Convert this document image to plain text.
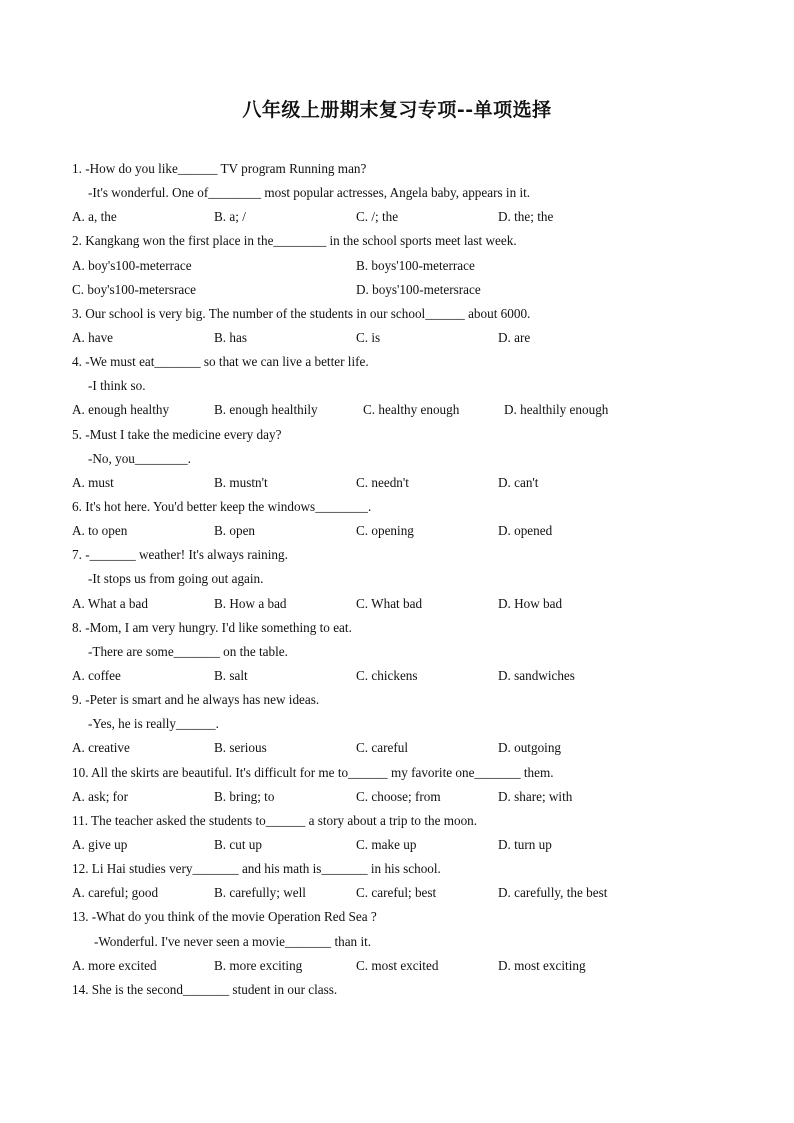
八年级上册期末复习专项--单项选择
1. -How do you like______ TV program Running man?
-It's wonderful. One of________ most popular actresses, Angela baby, appears in it.
A. a, the	B. a; /	C. /; the	D. the; the
2. Kangkang won the first place in the________ in the school sports meet last week.
A. boy's100-meterrace	B. boys'100-meterrace
C. boy's100-metersrace	D. boys'100-metersrace
3. Our school is very big. The number of the students in our school______ about 6000.
A. have	B. has	C. is	D. are
4. -We must eat_______ so that we can live a better life.
-I think so.
A. enough healthy	B. enough healthily	C. healthy enough	D. healthily enough
5. -Must I take the medicine every day?
-No, you________.
A. must	B. mustn't	C. needn't	D. can't
6. It's hot here. You'd better keep the windows________.
A. to open	B. open	C. opening	D. opened
7. -_______ weather! It's always raining.
-It stops us from going out again.
A. What a bad	B. How a bad	C. What bad	D. How bad
8. -Mom, I am very hungry. I'd like something to eat.
-There are some_______ on the table.
A. coffee	B. salt	C. chickens	D. sandwiches
9. -Peter is smart and he always has new ideas.
-Yes, he is really______.
A. creative	B. serious	C. careful	D. outgoing
10. All the skirts are beautiful. It's difficult for me to______ my favorite one_______ them.
A. ask; for	B. bring; to	C. choose; from	D. share; with
11. The teacher asked the students to______ a story about a trip to the moon.
A. give up	B. cut up	C. make up	D. turn up
12. Li Hai studies very_______ and his math is_______ in his school.
A. careful; good	B. carefully; well	C. careful; best	D. carefully, the best
13. -What do you think of the movie Operation Red Sea ?
-Wonderful. I've never seen a movie_______ than it.
A. more excited	B. more exciting	C. most excited	D. most exciting
14. She is the second_______ student in our class.
